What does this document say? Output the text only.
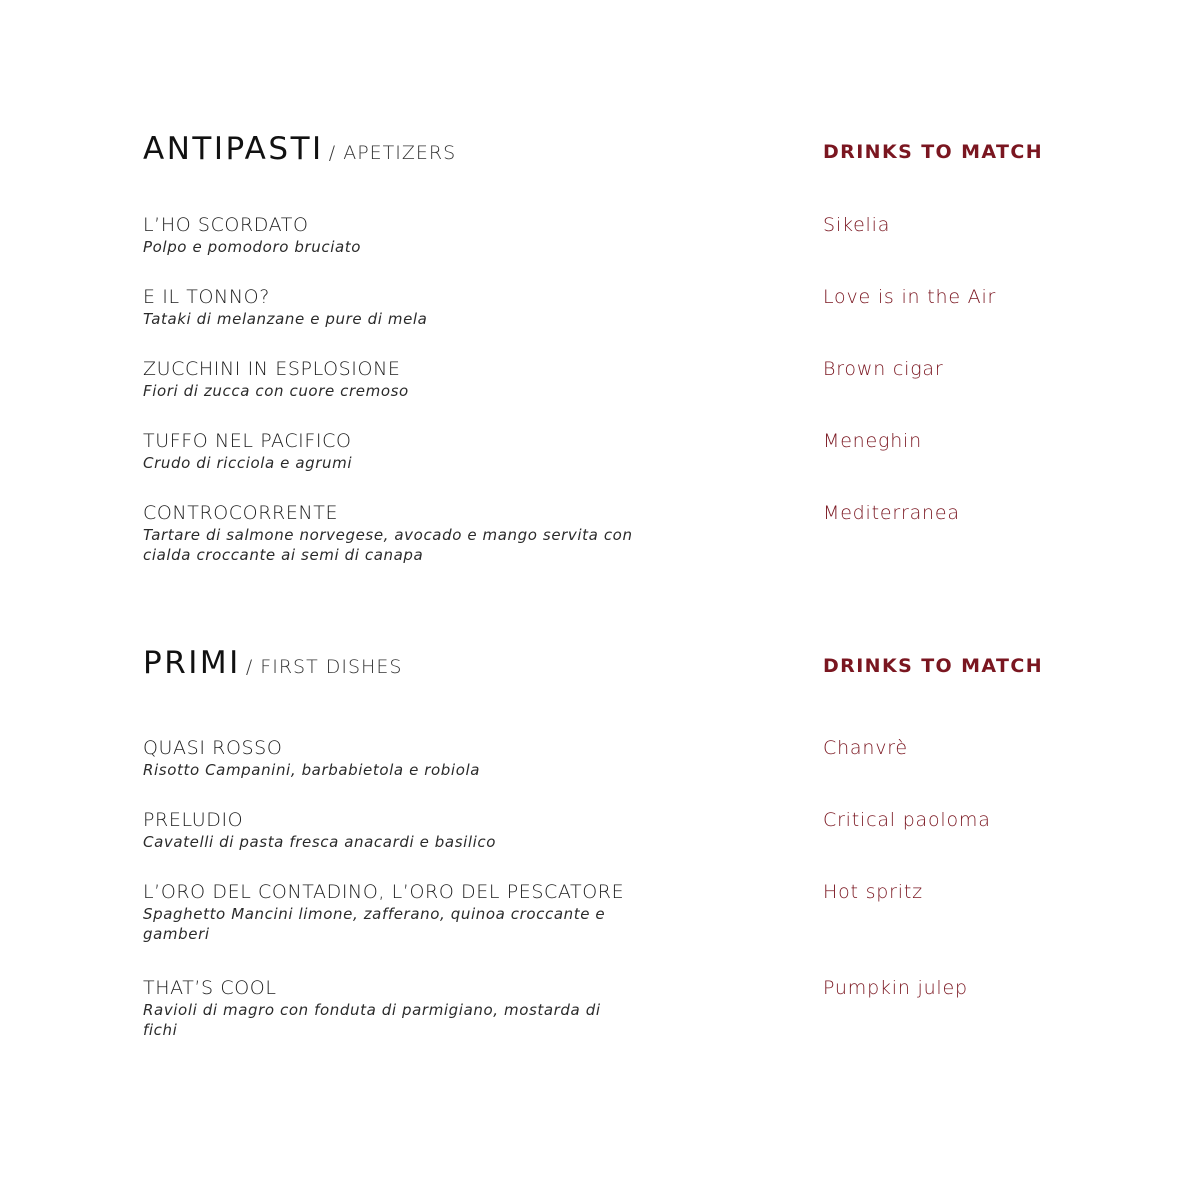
ANTIPASTI / APETIZERS	DRINKS TO MATCH
L’HO SCORDATO
Polpo e pomodoro bruciato
Sikelia
E IL TONNO?
Tataki di melanzane e pure di mela
Love is in the Air
ZUCCHINI IN ESPLOSIONE
Fiori di zucca con cuore cremoso
Brown cigar
TUFFO NEL PACIFICO
Crudo di ricciola e agrumi
Meneghin
CONTROCORRENTE
Tartare di salmone norvegese, avocado e mango servita con cialda croccante ai semi di canapa
Mediterranea
PRIMI / FIRST DISHES	DRINKS TO MATCH
QUASI ROSSO
Risotto Campanini, barbabietola e robiola
Chanvrè
PRELUDIO
Cavatelli di pasta fresca anacardi e basilico
Critical paoloma
L’ORO DEL CONTADINO, L’ORO DEL PESCATORE
Spaghetto Mancini limone, zafferano, quinoa croccante e gamberi
Hot spritz
THAT’S COOL
Ravioli di magro con fonduta di parmigiano, mostarda di fichi
Pumpkin julep
